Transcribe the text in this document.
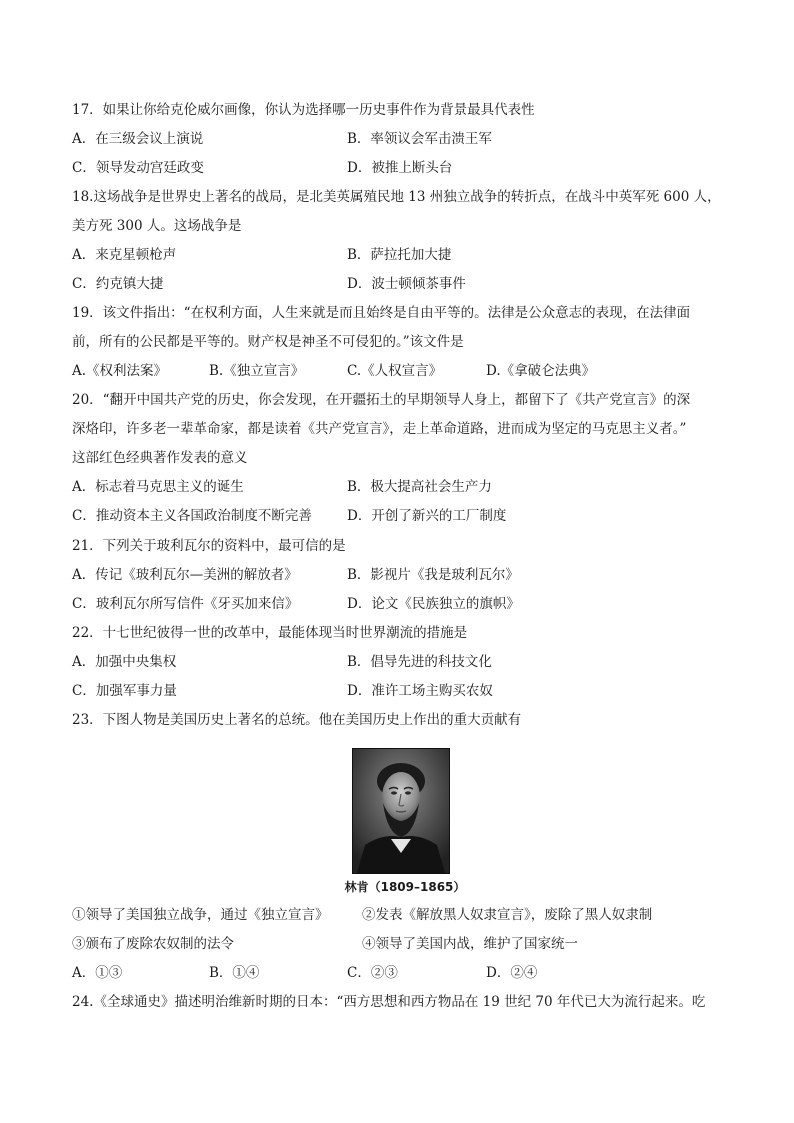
17．如果让你给克伦威尔画像，你认为选择哪一历史事件作为背景最具代表性
A．在三级会议上演说	B．率领议会军击溃王军
C．领导发动宫廷政变	D．被推上断头台
18.这场战争是世界史上著名的战局，是北美英属殖民地 13 州独立战争的转折点，在战斗中英军死 600 人，
美方死 300 人。这场战争是
A．来克星顿枪声	B．萨拉托加大捷
C．约克镇大捷	D．波士顿倾茶事件
19．该文件指出：“在权利方面，人生来就是而且始终是自由平等的。法律是公众意志的表现，在法律面
前，所有的公民都是平等的。财产权是神圣不可侵犯的。”该文件是
A.《权利法案》	B.《独立宣言》	C.《人权宣言》	D.《拿破仑法典》
20．“翻开中国共产党的历史，你会发现，在开疆拓土的早期领导人身上，都留下了《共产党宣言》的深
深烙印，许多老一辈革命家，都是读着《共产党宣言》，走上革命道路，进而成为坚定的马克思主义者。”
这部红色经典著作发表的意义
A．标志着马克思主义的诞生	B．极大提高社会生产力
C．推动资本主义各国政治制度不断完善	D．开创了新兴的工厂制度
21．下列关于玻利瓦尔的资料中，最可信的是
A．传记《玻利瓦尔—美洲的解放者》	B．影视片《我是玻利瓦尔》
C．玻利瓦尔所写信件《牙买加来信》	D．论文《民族独立的旗帜》
22．十七世纪彼得一世的改革中，最能体现当时世界潮流的措施是
A．加强中央集权	B．倡导先进的科技文化
C．加强军事力量	D．准许工场主购买农奴
23．下图人物是美国历史上著名的总统。他在美国历史上作出的重大贡献有
林肯（1809–1865）
①领导了美国独立战争，通过《独立宣言》 ②发表《解放黑人奴隶宣言》，废除了黑人奴隶制
③颁布了废除农奴制的法令	④领导了美国内战，维护了国家统一
A．①③	B．①④	C．②③	D．②④
24.《全球通史》描述明治维新时期的日本：“西方思想和西方物品在 19 世纪 70 年代已大为流行起来。吃
